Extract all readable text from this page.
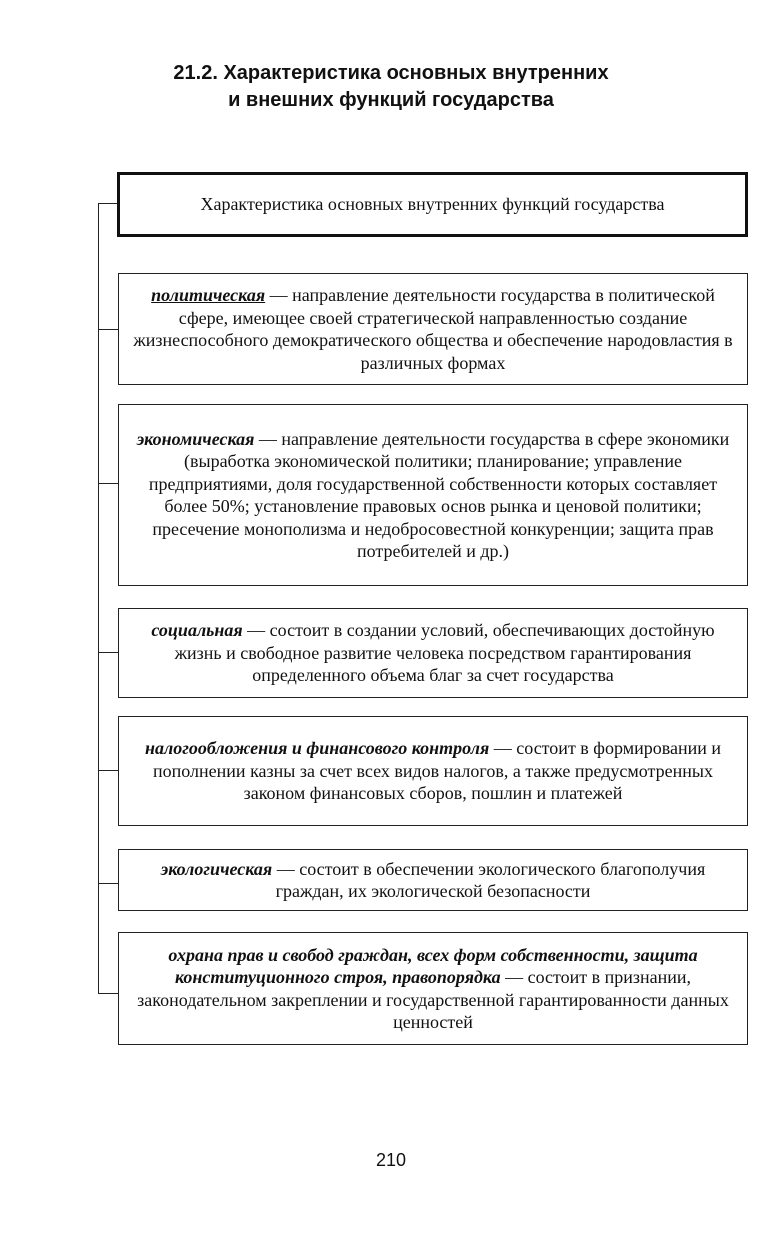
21.2. Характеристика основных внутренних
и внешних функций государства
Характеристика основных внутренних функций государства

политическая — направление деятельности государства в политической сфере, имеющее своей стратегической направленностью создание жизнеспособного демократического общества и обеспечение народовластия в различных формах

экономическая — направление деятельности государства в сфере экономики (выработка экономической политики; планирование; управление предприятиями, доля государственной собственности которых составляет более 50%; установление правовых основ рынка и ценовой политики; пресечение монополизма и недобросовестной конкуренции; защита прав потребителей и др.)

социальная — состоит в создании условий, обеспечивающих достойную жизнь и свободное развитие человека посредством гарантирования определенного объема благ за счет государства

налогообложения и финансового контроля — состоит в формировании и пополнении казны за счет всех видов налогов, а также предусмотренных законом финансовых сборов, пошлин и платежей

экологическая — состоит в обеспечении экологического благополучия граждан, их экологической безопасности

охрана прав и свобод граждан, всех форм собственности, защита конституционного строя, правопорядка — состоит в признании, законодательном закреплении и государственной гарантированности данных ценностей

210
